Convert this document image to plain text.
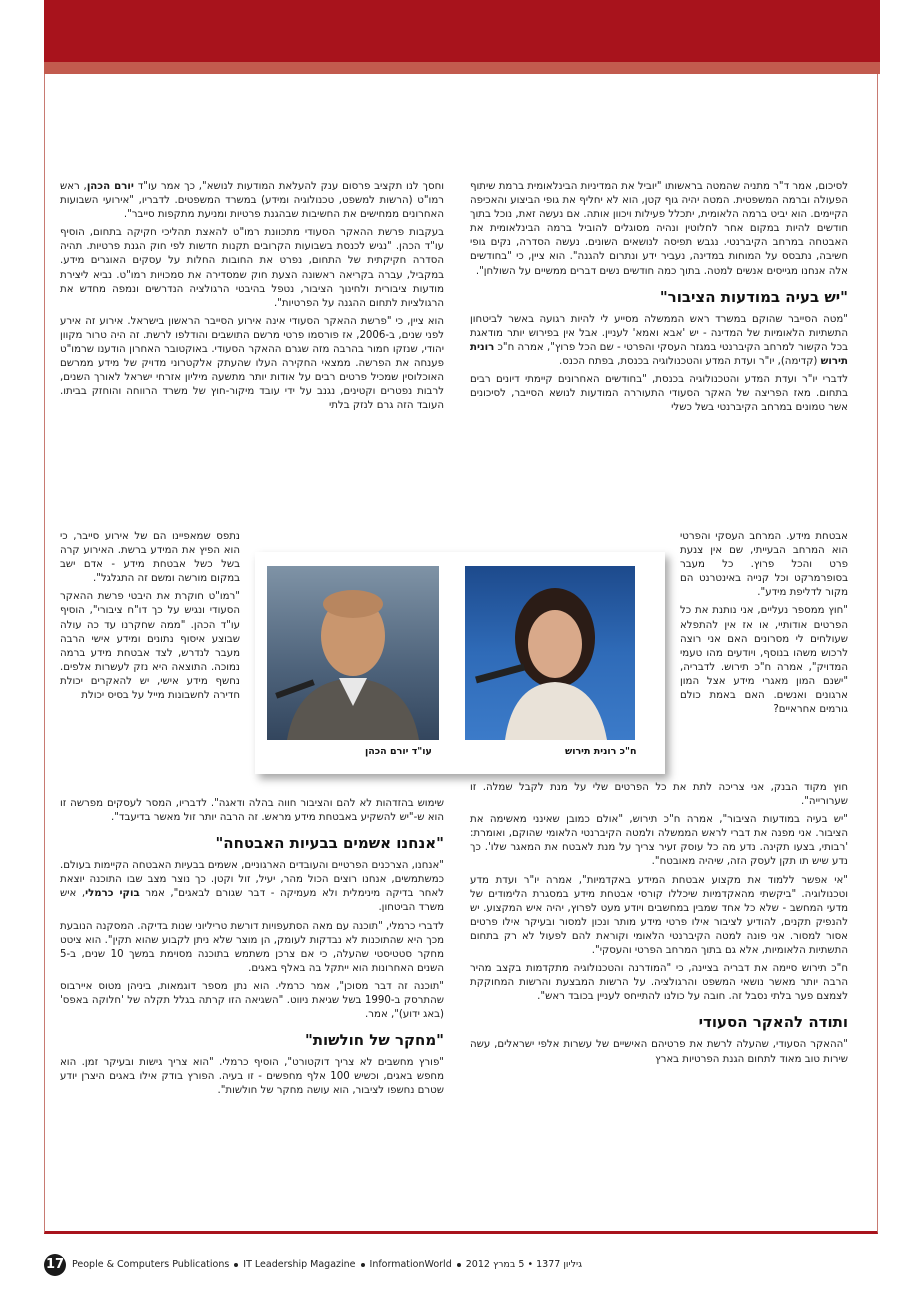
לסיכום, אמר ד"ר מתניה שהמטה בראשותו "יוביל את המדיניות הבינלאומית ברמת שיתוף הפעולה וברמה המשפטית. המטה יהיה גוף קטן, הוא לא יחליף את גופי הביצוע והאכיפה הקיימים. הוא יביט ברמה הלאומית, יתכלל פעילות ויכוון אותה. אם נעשה זאת, נוכל בתוך חודשים להיות במקום אחר לחלוטין ונהיה מסוגלים להוביל ברמה הבינלאומית את האבטחה במרחב הקיברנטי. נגבש תפיסה לנושאים השונים. נעשה הסדרה, נקים גופי חשיבה, נתבסס על המוחות במדינה, נעביר ידע ונתרום להגנה". הוא ציין, כי "בחודשים אלה אנחנו מגייסים אנשים למטה. בתוך כמה חודשים נשים דברים ממשיים על השולחן".

"יש בעיה במודעות הציבור"

"מטה הסייבר שהוקם במשרד ראש הממשלה מסייע לי להיות רגועה באשר לביטחון התשתיות הלאומיות של המדינה - יש 'אבא ואמא' לעניין. אבל אין בפירוש יותר מודאגת בכל הקשור למרחב הקיברנטי במגזר העסקי והפרטי - שם הכל פרוץ", אמרה ח"כ רונית תירוש (קדימה), יו"ר ועדת המדע והטכנולוגיה בכנסת, בפתח הכנס.

לדברי יו"ר ועדת המדע והטכנולוגיה בכנסת, "בחודשים האחרונים קיימתי דיונים רבים בתחום. מאז הפריצה של האקר הסעודי התעוררה המודעות לנושא הסייבר, לסיכונים אשר טמונים במרחב הקיברנטי בשל כשלי

אבטחת מידע. המרחב העסקי והפרטי הוא המרחב הבעייתי, שם אין צנעת פרט והכל פרוץ. כל מעבר בסופרמרקט וכל קנייה באינטרנט הם מקור לדליפת מידע".

"חוץ ממספר נעליים, אני נותנת את כל הפרטים אודותיי, או אז אין להתפלא שעולחים לי מסרונים האם אני רוצה לרכוש משהו בנוסף, ויודעים מהו טעמי המדויק", אמרה ח"כ תירוש. לדבריה, "ישנם המון מאגרי מידע אצל המון ארגונים ואנשים. האם באמת כולם גורמים אחראיים?

חוץ מקוד הבנק, אני צריכה לתת את כל הפרטים שלי על מנת לקבל שמלה. זו שערורייה".

"יש בעיה במודעות הציבור", אמרה ח"כ תירוש, "אולם כמובן שאינני מאשימה את הציבור. אני מפנה את דברי לראש הממשלה ולמטה הקיברנטי הלאומי שהוקם, ואומרת: 'רבותי, בצעו תקינה. נדע מה כל עוסק זעיר צריך על מנת לאבטח את המאגר שלו'. כך נדע שיש תו תקן לעסק הזה, שיהיה מאובטח".

"אי אפשר ללמוד את מקצוע אבטחת המידע באקדמיות", אמרה יו"ר ועדת מדע וטכנולוגיה. "ביקשתי מהאקדמיות שיכללו קורסי אבטחת מידע במסגרת הלימודים של מדעי המחשב - שלא כל אחד שמבין במחשבים ויודע מעט לפרוץ, יהיה איש המקצוע. יש להנפיק תקנים, להודיע לציבור אילו פרטי מידע מותר ונכון למסור ובעיקר אילו פרטים אסור למסור. אני פונה למטה הקיברנטי הלאומי וקוראת להם לפעול לא רק בתחום התשתיות הלאומיות, אלא גם בתוך המרחב הפרטי והעסקי".

ח"כ תירוש סיימה את דבריה בציינה, כי "המודרנה והטכנולוגיה מתקדמות בקצב מהיר הרבה יותר מאשר נושאי המשפט והרגולציה. על הרשות המבצעת והרשות המחוקקת לצמצם פער בלתי נסבל זה. חובה על כולנו להתייחס לעניין בכובד ראש".

ותודה להאקר הסעודי

"ההאקר הסעודי, שהעלה לרשת את פרטיהם האישיים של עשרות אלפי ישראלים, עשה שירות טוב מאוד לתחום הגנת הפרטיות בארץ

וחסך לנו תקציב פרסום ענק להעלאת המודעות לנושא", כך אמר עו"ד יורם הכהן, ראש רמו"ט (הרשות למשפט, טכנולוגיה ומידע) במשרד המשפטים. לדבריו, "אירועי השבועות האחרונים ממחישים את החשיבות שבהגנת פרטיות ומניעת מתקפות סייבר".

בעקבות פרשת ההאקר הסעודי מתכוונת רמו"ט להאצת תהליכי חקיקה בתחום, הוסיף עו"ד הכהן. "נגיש לכנסת בשבועות הקרובים תקנות חדשות לפי חוק הגנת פרטיות. תהיה הסדרה חקיקתית של התחום, נפרט את החובות החלות על עסקים האוגרים מידע. במקביל, עברה בקריאה ראשונה הצעת חוק שמסדירה את סמכויות רמו"ט. נביא ליצירת מודעות ציבורית ולחינוך הציבור, נטפל בהיבטי הרגולציה הנדרשים ונמפה מחדש את הרגולציות לתחום ההגנה על הפרטיות".

הוא ציין, כי "פרשת ההאקר הסעודי אינה אירוע הסייבר הראשון בישראל. אירוע זה אירע לפני שנים, ב-2006, אז פורסמו פרטי מרשם התושבים והודלפו לרשת. זה היה טרור מקוון יהודי, שנזקו חמור בהרבה מזה שגרם ההאקר הסעודי. באוקטובר האחרון הודענו שרמו"ט פענחה את הפרשה. ממצאי החקירה העלו שהעתק אלקטרוני מדויק של מידע ממרשם האוכלוסין שמכיל פרטים רבים על אודות יותר מתשעה מיליון אזרחי ישראל לאורך השנים, לרבות נפטרים וקטינים, נגנב על ידי עובד מיקור-חוץ של משרד הרווחה והוחזק בביתו. העובד הזה גרם לנזק בלתי

נתפס שמאפיינו הם של אירוע סייבר, כי הוא הפיץ את המידע ברשת. האירוע קרה בשל כשל אבטחת מידע - אדם ישב במקום מורשה ומשם זה התגלגל".

"רמו"ט חוקרת את היבטי פרשת ההאקר הסעודי ונגיש על כך דו"ח ציבורי", הוסיף עו"ד הכהן. "ממה שחקרנו עד כה עולה שבוצע איסוף נתונים ומידע אישי הרבה מעבר לנדרש, לצד אבטחת מידע ברמה נמוכה. התוצאה היא נזק לעשרות אלפים. נחשף מידע אישי, יש להאקרים יכולת חדירה לחשבונות מייל על בסיס יכולת

שימוש בהזדהות לא להם והציבור חווה בהלה ודאגה". לדבריו, המסר לעסקים מפרשה זו הוא ש-"יש להשקיע באבטחת מידע מראש. זה הרבה יותר זול מאשר בדיעבד".

"אנחנו אשמים בבעיות האבטחה"

"אנחנו, הצרכנים הפרטיים והעובדים הארגוניים, אשמים בבעיות האבטחה הקיימות בעולם. כמשתמשים, אנחנו רוצים הכול מהר, יעיל, זול וקטן. כך נוצר מצב שבו התוכנה יוצאת לאחר בדיקה מינימלית ולא מעמיקה - דבר שגורם לבאגים", אמר בוקי כרמלי, איש משרד הביטחון.

לדברי כרמלי, "תוכנה עם מאה הסתעפויות דורשת טריליוני שנות בדיקה. המסקנה הנובעת מכך היא שהתוכנות לא נבדקות לעומק, הן מוצר שלא ניתן לקבוע שהוא תקין". הוא ציטט מחקר סטטיסטי שהעלה, כי אם צרכן משתמש בתוכנה מסוימת במשך 10 שנים, ב-5 השנים האחרונות הוא ייתקל בה באלף באגים.

"תוכנה זה דבר מסוכן", אמר כרמלי. הוא נתן מספר דוגמאות, ביניהן מטוס איירבוס שהתרסק ב-1990 בשל שגיאת ניווט. "השגיאה הזו קרתה בגלל תקלה של 'חלוקה באפס' (באג ידוע)", אמר.

"מחקר של חולשות"

"פורץ מחשבים לא צריך דוקטורט", הוסיף כרמלי. "הוא צריך גישות ובעיקר זמן. הוא מחפש באגים, וכשיש 100 אלף מחפשים - זו בעיה. הפורץ בודק אילו באגים היצרן יודע שטרם נחשפו לציבור, הוא עושה מחקר של חולשות".

עו"ד יורם הכהן	ח"כ רונית תירוש
17 People & Computers Publications IT Leadership Magazine InformationWorld גיליון 1377 • 5 במרץ 2012
